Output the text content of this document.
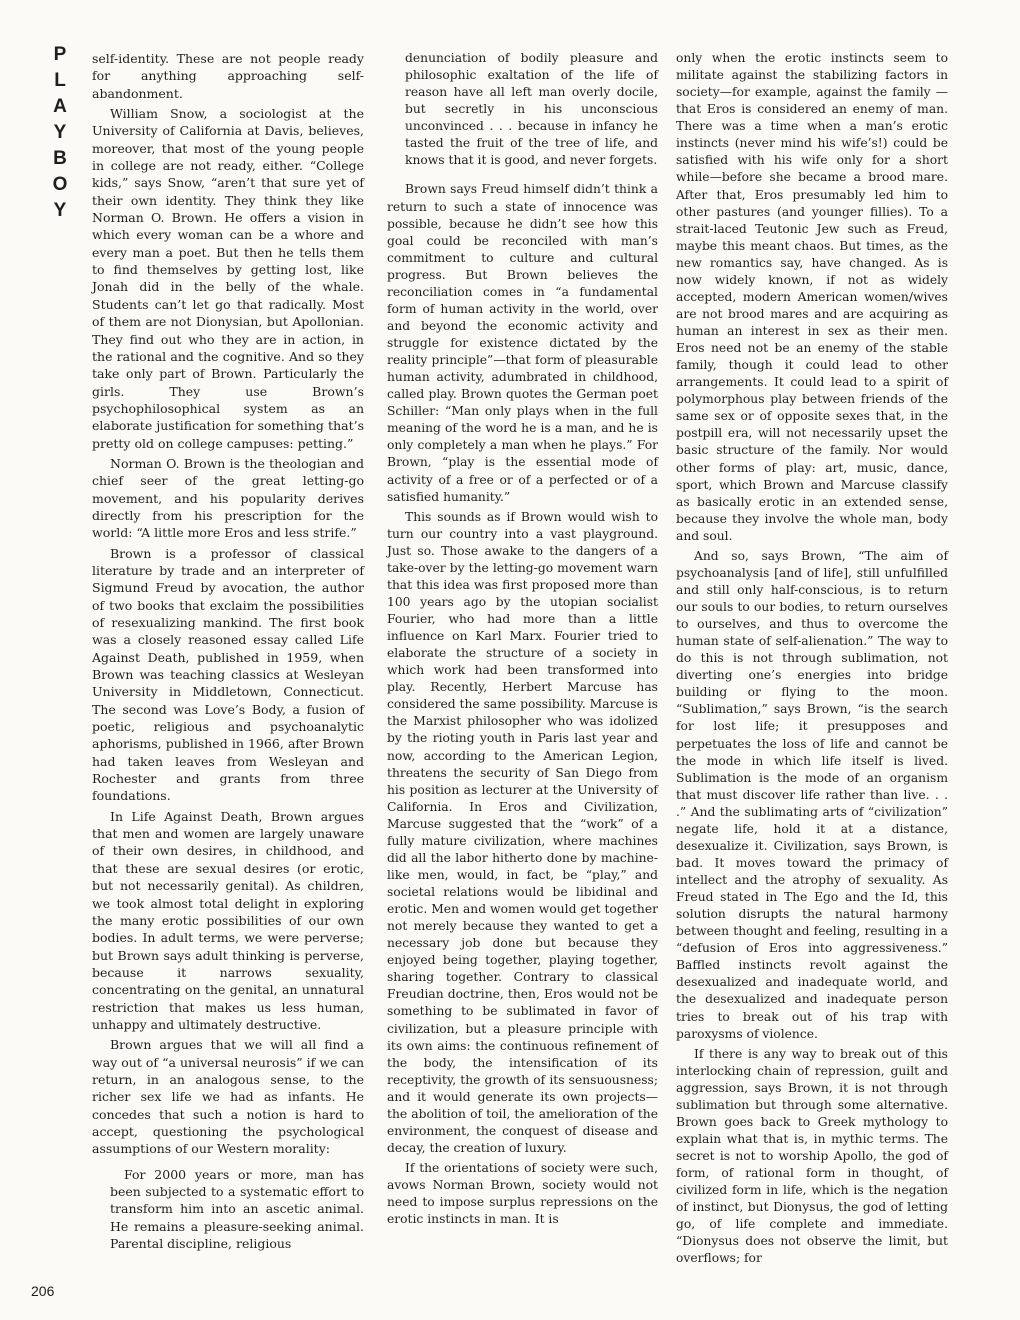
P
L
A
Y
B
O
Y

self-identity. These are not people ready for anything approaching self-abandonment.

William Snow, a sociologist at the University of California at Davis, believes, moreover, that most of the young people in college are not ready, either. “College kids,” says Snow, “aren’t that sure yet of their own identity. They think they like Norman O. Brown. He offers a vision in which every woman can be a whore and every man a poet. But then he tells them to find themselves by getting lost, like Jonah did in the belly of the whale. Students can’t let go that radically. Most of them are not Dionysian, but Apollonian. They find out who they are in action, in the rational and the cognitive. And so they take only part of Brown. Particularly the girls. They use Brown’s psychophilosophical system as an elaborate justification for something that’s pretty old on college campuses: petting.”

Norman O. Brown is the theologian and chief seer of the great letting-go movement, and his popularity derives directly from his prescription for the world: “A little more Eros and less strife.”

Brown is a professor of classical literature by trade and an interpreter of Sigmund Freud by avocation, the author of two books that exclaim the possibilities of resexualizing mankind. The first book was a closely reasoned essay called Life Against Death, published in 1959, when Brown was teaching classics at Wesleyan University in Middletown, Connecticut. The second was Love’s Body, a fusion of poetic, religious and psychoanalytic aphorisms, published in 1966, after Brown had taken leaves from Wesleyan and Rochester and grants from three foundations.

In Life Against Death, Brown argues that men and women are largely unaware of their own desires, in childhood, and that these are sexual desires (or erotic, but not necessarily genital). As children, we took almost total delight in exploring the many erotic possibilities of our own bodies. In adult terms, we were perverse; but Brown says adult thinking is perverse, because it narrows sexuality, concentrating on the genital, an unnatural restriction that makes us less human, unhappy and ultimately destructive.

Brown argues that we will all find a way out of “a universal neurosis” if we can return, in an analogous sense, to the richer sex life we had as infants. He concedes that such a notion is hard to accept, questioning the psychological assumptions of our Western morality:

For 2000 years or more, man has been subjected to a systematic effort to transform him into an ascetic animal. He remains a pleasure-seeking animal. Parental discipline, religious

denunciation of bodily pleasure and philosophic exaltation of the life of reason have all left man overly docile, but secretly in his unconscious unconvinced . . . because in infancy he tasted the fruit of the tree of life, and knows that it is good, and never forgets.

Brown says Freud himself didn’t think a return to such a state of innocence was possible, because he didn’t see how this goal could be reconciled with man’s commitment to culture and cultural progress. But Brown believes the reconciliation comes in “a fundamental form of human activity in the world, over and beyond the economic activity and struggle for existence dictated by the reality principle”—that form of pleasurable human activity, adumbrated in childhood, called play. Brown quotes the German poet Schiller: “Man only plays when in the full meaning of the word he is a man, and he is only completely a man when he plays.” For Brown, “play is the essential mode of activity of a free or of a perfected or of a satisfied humanity.”

This sounds as if Brown would wish to turn our country into a vast playground. Just so. Those awake to the dangers of a take-over by the letting-go movement warn that this idea was first proposed more than 100 years ago by the utopian socialist Fourier, who had more than a little influence on Karl Marx. Fourier tried to elaborate the structure of a society in which work had been transformed into play. Recently, Herbert Marcuse has considered the same possibility. Marcuse is the Marxist philosopher who was idolized by the rioting youth in Paris last year and now, according to the American Legion, threatens the security of San Diego from his position as lecturer at the University of California. In Eros and Civilization, Marcuse suggested that the “work” of a fully mature civilization, where machines did all the labor hitherto done by machine-like men, would, in fact, be “play,” and societal relations would be libidinal and erotic. Men and women would get together not merely because they wanted to get a necessary job done but because they enjoyed being together, playing together, sharing together. Contrary to classical Freudian doctrine, then, Eros would not be something to be sublimated in favor of civilization, but a pleasure principle with its own aims: the continuous refinement of the body, the intensification of its receptivity, the growth of its sensuousness; and it would generate its own projects—the abolition of toil, the amelioration of the environment, the conquest of disease and decay, the creation of luxury.

If the orientations of society were such, avows Norman Brown, society would not need to impose surplus repressions on the erotic instincts in man. It is

only when the erotic instincts seem to militate against the stabilizing factors in society—for example, against the family —that Eros is considered an enemy of man. There was a time when a man’s erotic instincts (never mind his wife’s!) could be satisfied with his wife only for a short while—before she became a brood mare. After that, Eros presumably led him to other pastures (and younger fillies). To a strait-laced Teutonic Jew such as Freud, maybe this meant chaos. But times, as the new romantics say, have changed. As is now widely known, if not as widely accepted, modern American women/wives are not brood mares and are acquiring as human an interest in sex as their men. Eros need not be an enemy of the stable family, though it could lead to other arrangements. It could lead to a spirit of polymorphous play between friends of the same sex or of opposite sexes that, in the postpill era, will not necessarily upset the basic structure of the family. Nor would other forms of play: art, music, dance, sport, which Brown and Marcuse classify as basically erotic in an extended sense, because they involve the whole man, body and soul.

And so, says Brown, “The aim of psychoanalysis [and of life], still unfulfilled and still only half-conscious, is to return our souls to our bodies, to return ourselves to ourselves, and thus to overcome the human state of self-alienation.” The way to do this is not through sublimation, not diverting one’s energies into bridge building or flying to the moon. “Sublimation,” says Brown, “is the search for lost life; it presupposes and perpetuates the loss of life and cannot be the mode in which life itself is lived. Sublimation is the mode of an organism that must discover life rather than live. . . .” And the sublimating arts of “civilization” negate life, hold it at a distance, desexualize it. Civilization, says Brown, is bad. It moves toward the primacy of intellect and the atrophy of sexuality. As Freud stated in The Ego and the Id, this solution disrupts the natural harmony between thought and feeling, resulting in a “defusion of Eros into aggressiveness.” Baffled instincts revolt against the desexualized and inadequate world, and the desexualized and inadequate person tries to break out of his trap with paroxysms of violence.

If there is any way to break out of this interlocking chain of repression, guilt and aggression, says Brown, it is not through sublimation but through some alternative. Brown goes back to Greek mythology to explain what that is, in mythic terms. The secret is not to worship Apollo, the god of form, of rational form in thought, of civilized form in life, which is the negation of instinct, but Dionysus, the god of letting go, of life complete and immediate. “Dionysus does not observe the limit, but overflows; for

206
